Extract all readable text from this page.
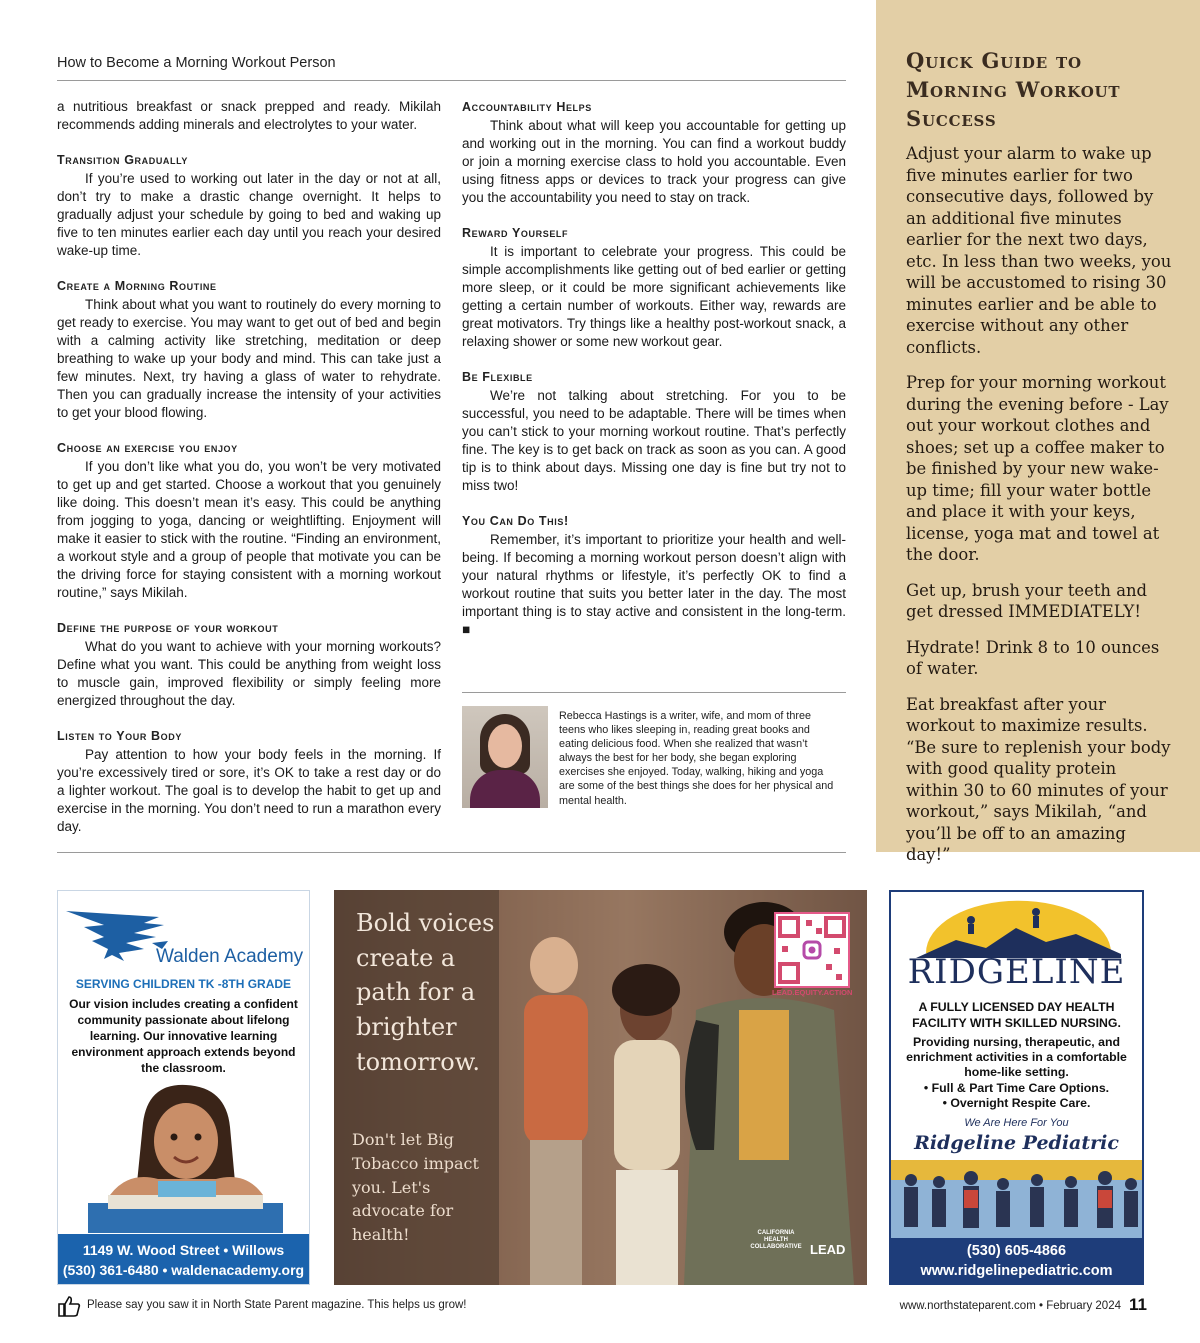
How to Become a Morning Workout Person

a nutritious breakfast or snack prepped and ready. Mikilah recommends adding minerals and electrolytes to your water.

Transition Gradually

If you’re used to working out later in the day or not at all, don’t try to make a drastic change overnight. It helps to gradually adjust your schedule by going to bed and waking up five to ten minutes earlier each day until you reach your desired wake-up time.

Create a Morning Routine

Think about what you want to routinely do every morning to get ready to exercise. You may want to get out of bed and begin with a calming activity like stretching, meditation or deep breathing to wake up your body and mind. This can take just a few minutes. Next, try having a glass of water to rehydrate. Then you can gradually increase the intensity of your activities to get your blood flowing.

Choose an exercise you enjoy

If you don’t like what you do, you won’t be very motivated to get up and get started. Choose a workout that you genuinely like doing. This doesn’t mean it’s easy. This could be anything from jogging to yoga, dancing or weightlifting. Enjoyment will make it easier to stick with the routine. “Finding an environment, a workout style and a group of people that motivate you can be the driving force for staying consistent with a morning workout routine,” says Mikilah.

Define the purpose of your workout

What do you want to achieve with your morning workouts? Define what you want. This could be anything from weight loss to muscle gain, improved flexibility or simply feeling more energized throughout the day.

Listen to Your Body

Pay attention to how your body feels in the morning. If you’re excessively tired or sore, it’s OK to take a rest day or do a lighter workout. The goal is to develop the habit to get up and exercise in the morning. You don’t need to run a marathon every day.

Accountability Helps

Think about what will keep you accountable for getting up and working out in the morning. You can find a workout buddy or join a morning exercise class to hold you accountable. Even using fitness apps or devices to track your progress can give you the accountability you need to stay on track.

Reward Yourself

It is important to celebrate your progress. This could be simple accomplishments like getting out of bed earlier or getting more sleep, or it could be more significant achievements like getting a certain number of workouts. Either way, rewards are great motivators. Try things like a healthy post-workout snack, a relaxing shower or some new workout gear.

Be Flexible

We’re not talking about stretching. For you to be successful, you need to be adaptable. There will be times when you can’t stick to your morning workout routine. That’s perfectly fine. The key is to get back on track as soon as you can. A good tip is to think about days. Missing one day is fine but try not to miss two!

You Can Do This!

Remember, it’s important to prioritize your health and well-being. If becoming a morning workout person doesn’t align with your natural rhythms or lifestyle, it’s perfectly OK to find a workout routine that suits you better later in the day. The most important thing is to stay active and consistent in the long-term. ■

Rebecca Hastings is a writer, wife, and mom of three teens who likes sleeping in, reading great books and eating delicious food. When she realized that wasn’t always the best for her body, she began exploring exercises she enjoyed. Today, walking, hiking and yoga are some of the best things she does for her physical and mental health.
Quick Guide to Morning Workout Success

Adjust your alarm to wake up five minutes earlier for two consecutive days, followed by an additional five minutes earlier for the next two days, etc. In less than two weeks, you will be accustomed to rising 30 minutes earlier and be able to exercise without any other conflicts.

Prep for your morning workout during the evening before - Lay out your workout clothes and shoes; set up a coffee maker to be finished by your new wake-up time; fill your water bottle and place it with your keys, license, yoga mat and towel at the door.

Get up, brush your teeth and get dressed IMMEDIATELY!

Hydrate! Drink 8 to 10 ounces of water.

Eat breakfast after your workout to maximize results. “Be sure to replenish your body with good quality protein within 30 to 60 minutes of your workout,” says Mikilah, “and you’ll be off to an amazing day!”

Walden Academy
SERVING CHILDREN TK -8TH GRADE
Our vision includes creating a confident community passionate about lifelong learning. Our innovative learning environment approach extends beyond the classroom.
1149 W. Wood Street • Willows
(530) 361-6480 • waldenacademy.org
Bold voices create a path for a brighter tomorrow.
Don't let Big Tobacco impact you. Let's advocate for health!
LEAD.EQUITY.ACTION
CALIFORNIA HEALTH COLLABORATIVE LEAD
RIDGELINE
A FULLY LICENSED DAY HEALTH FACILITY WITH SKILLED NURSING.
Providing nursing, therapeutic, and enrichment activities in a comfortable home-like setting.
• Full & Part Time Care Options.
• Overnight Respite Care.
We Are Here For You
Ridgeline Pediatric
(530) 605-4866
www.ridgelinepediatric.com
Please say you saw it in North State Parent magazine. This helps us grow!	www.northstateparent.com • February 2024 11
